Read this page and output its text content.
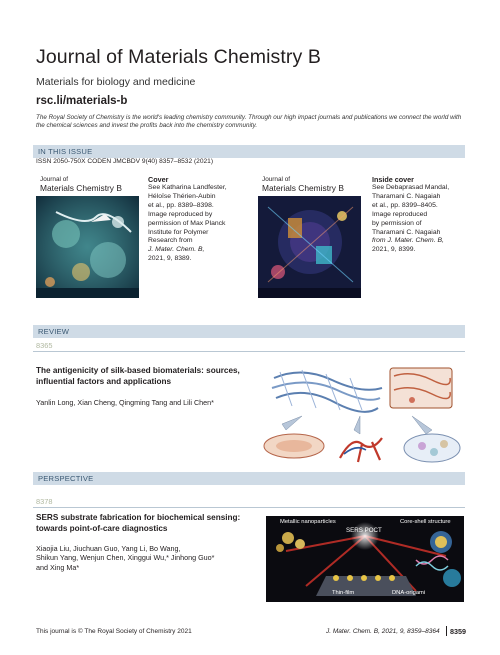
Journal of Materials Chemistry B
Materials for biology and medicine
rsc.li/materials-b
The Royal Society of Chemistry is the world's leading chemistry community. Through our high impact journals and publications we connect the world with the chemical sciences and invest the profits back into the chemistry community.
IN THIS ISSUE
ISSN 2050-750X CODEN JMCBDV 9(40) 8357–8532 (2021)
Journal of
Materials Chemistry B
Cover
See Katharina Landfester,
Héloïse Thérien-Aubin
et al., pp. 8389–8398.
Image reproduced by
permission of Max Planck
Institute for Polymer
Research from
J. Mater. Chem. B,
2021, 9, 8389.
Journal of
Materials Chemistry B
Inside cover
See Debaprasad Mandal,
Tharamani C. Nagaiah
et al., pp. 8399–8405.
Image reproduced
by permission of
Tharamani C. Nagaiah
from J. Mater. Chem. B,
2021, 9, 8399.
REVIEW
8365
The antigenicity of silk-based biomaterials: sources,
influential factors and applications
Yanlin Long, Xian Cheng, Qingming Tang and Lili Chen*
PERSPECTIVE
8378
SERS substrate fabrication for biochemical sensing:
towards point-of-care diagnostics
Xiaojia Liu, Jiuchuan Guo, Yang Li, Bo Wang,
Shikun Yang, Wenjun Chen, Xinggui Wu,* Jinhong Guo*
and Xing Ma*
Metallic nanoparticles	Core-shell structure
SERS POCT
Thin-film	DNA-origami
This journal is © The Royal Society of Chemistry 2021	J. Mater. Chem. B, 2021, 9, 8359–8364 8359
